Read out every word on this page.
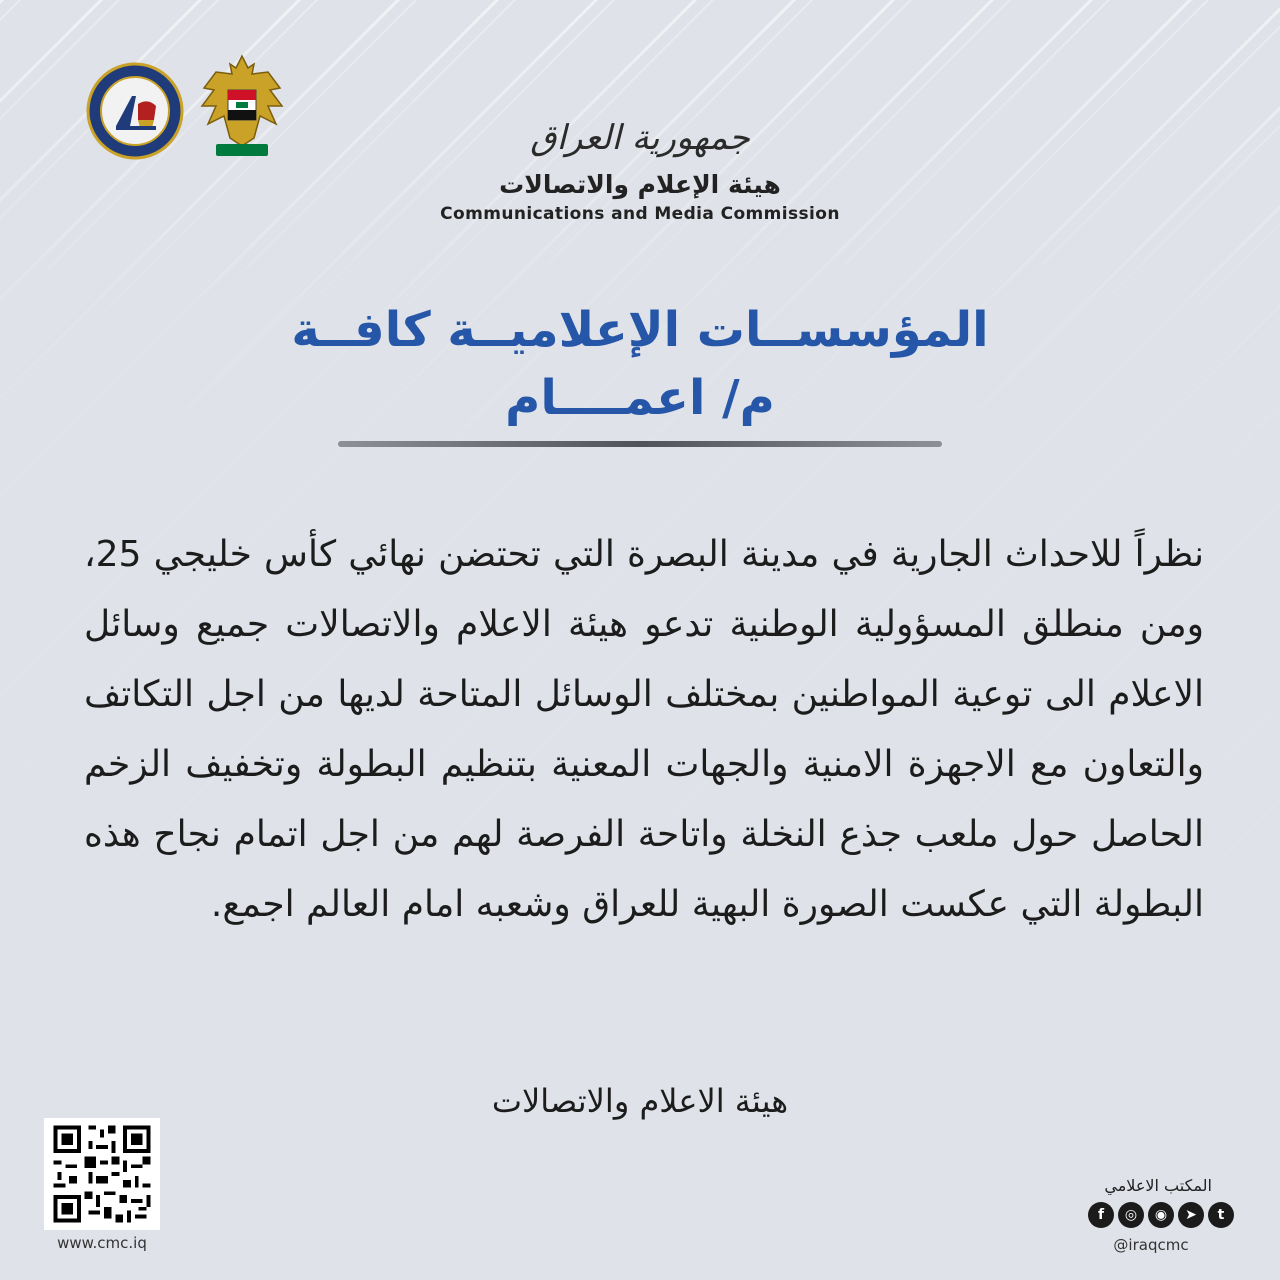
جمهورية العراق
هيئة الإعلام والاتصالات
Communications and Media Commission
المؤسســات الإعلاميــة كافــة
م/ اعمــــام
نظراً للاحداث الجارية في مدينة البصرة التي تحتضن نهائي كأس خليجي 25، ومن منطلق المسؤولية الوطنية تدعو هيئة الاعلام والاتصالات جميع وسائل الاعلام الى توعية المواطنين بمختلف الوسائل المتاحة لديها من اجل التكاتف والتعاون مع الاجهزة الامنية والجهات المعنية بتنظيم البطولة وتخفيف الزخم الحاصل حول ملعب جذع النخلة واتاحة الفرصة لهم من اجل اتمام نجاح هذه البطولة التي عكست الصورة البهية للعراق وشعبه امام العالم اجمع.
هيئة الاعلام والاتصالات
www.cmc.iq
المكتب الاعلامي
f	◎	◉	➤	t
@iraqcmc
